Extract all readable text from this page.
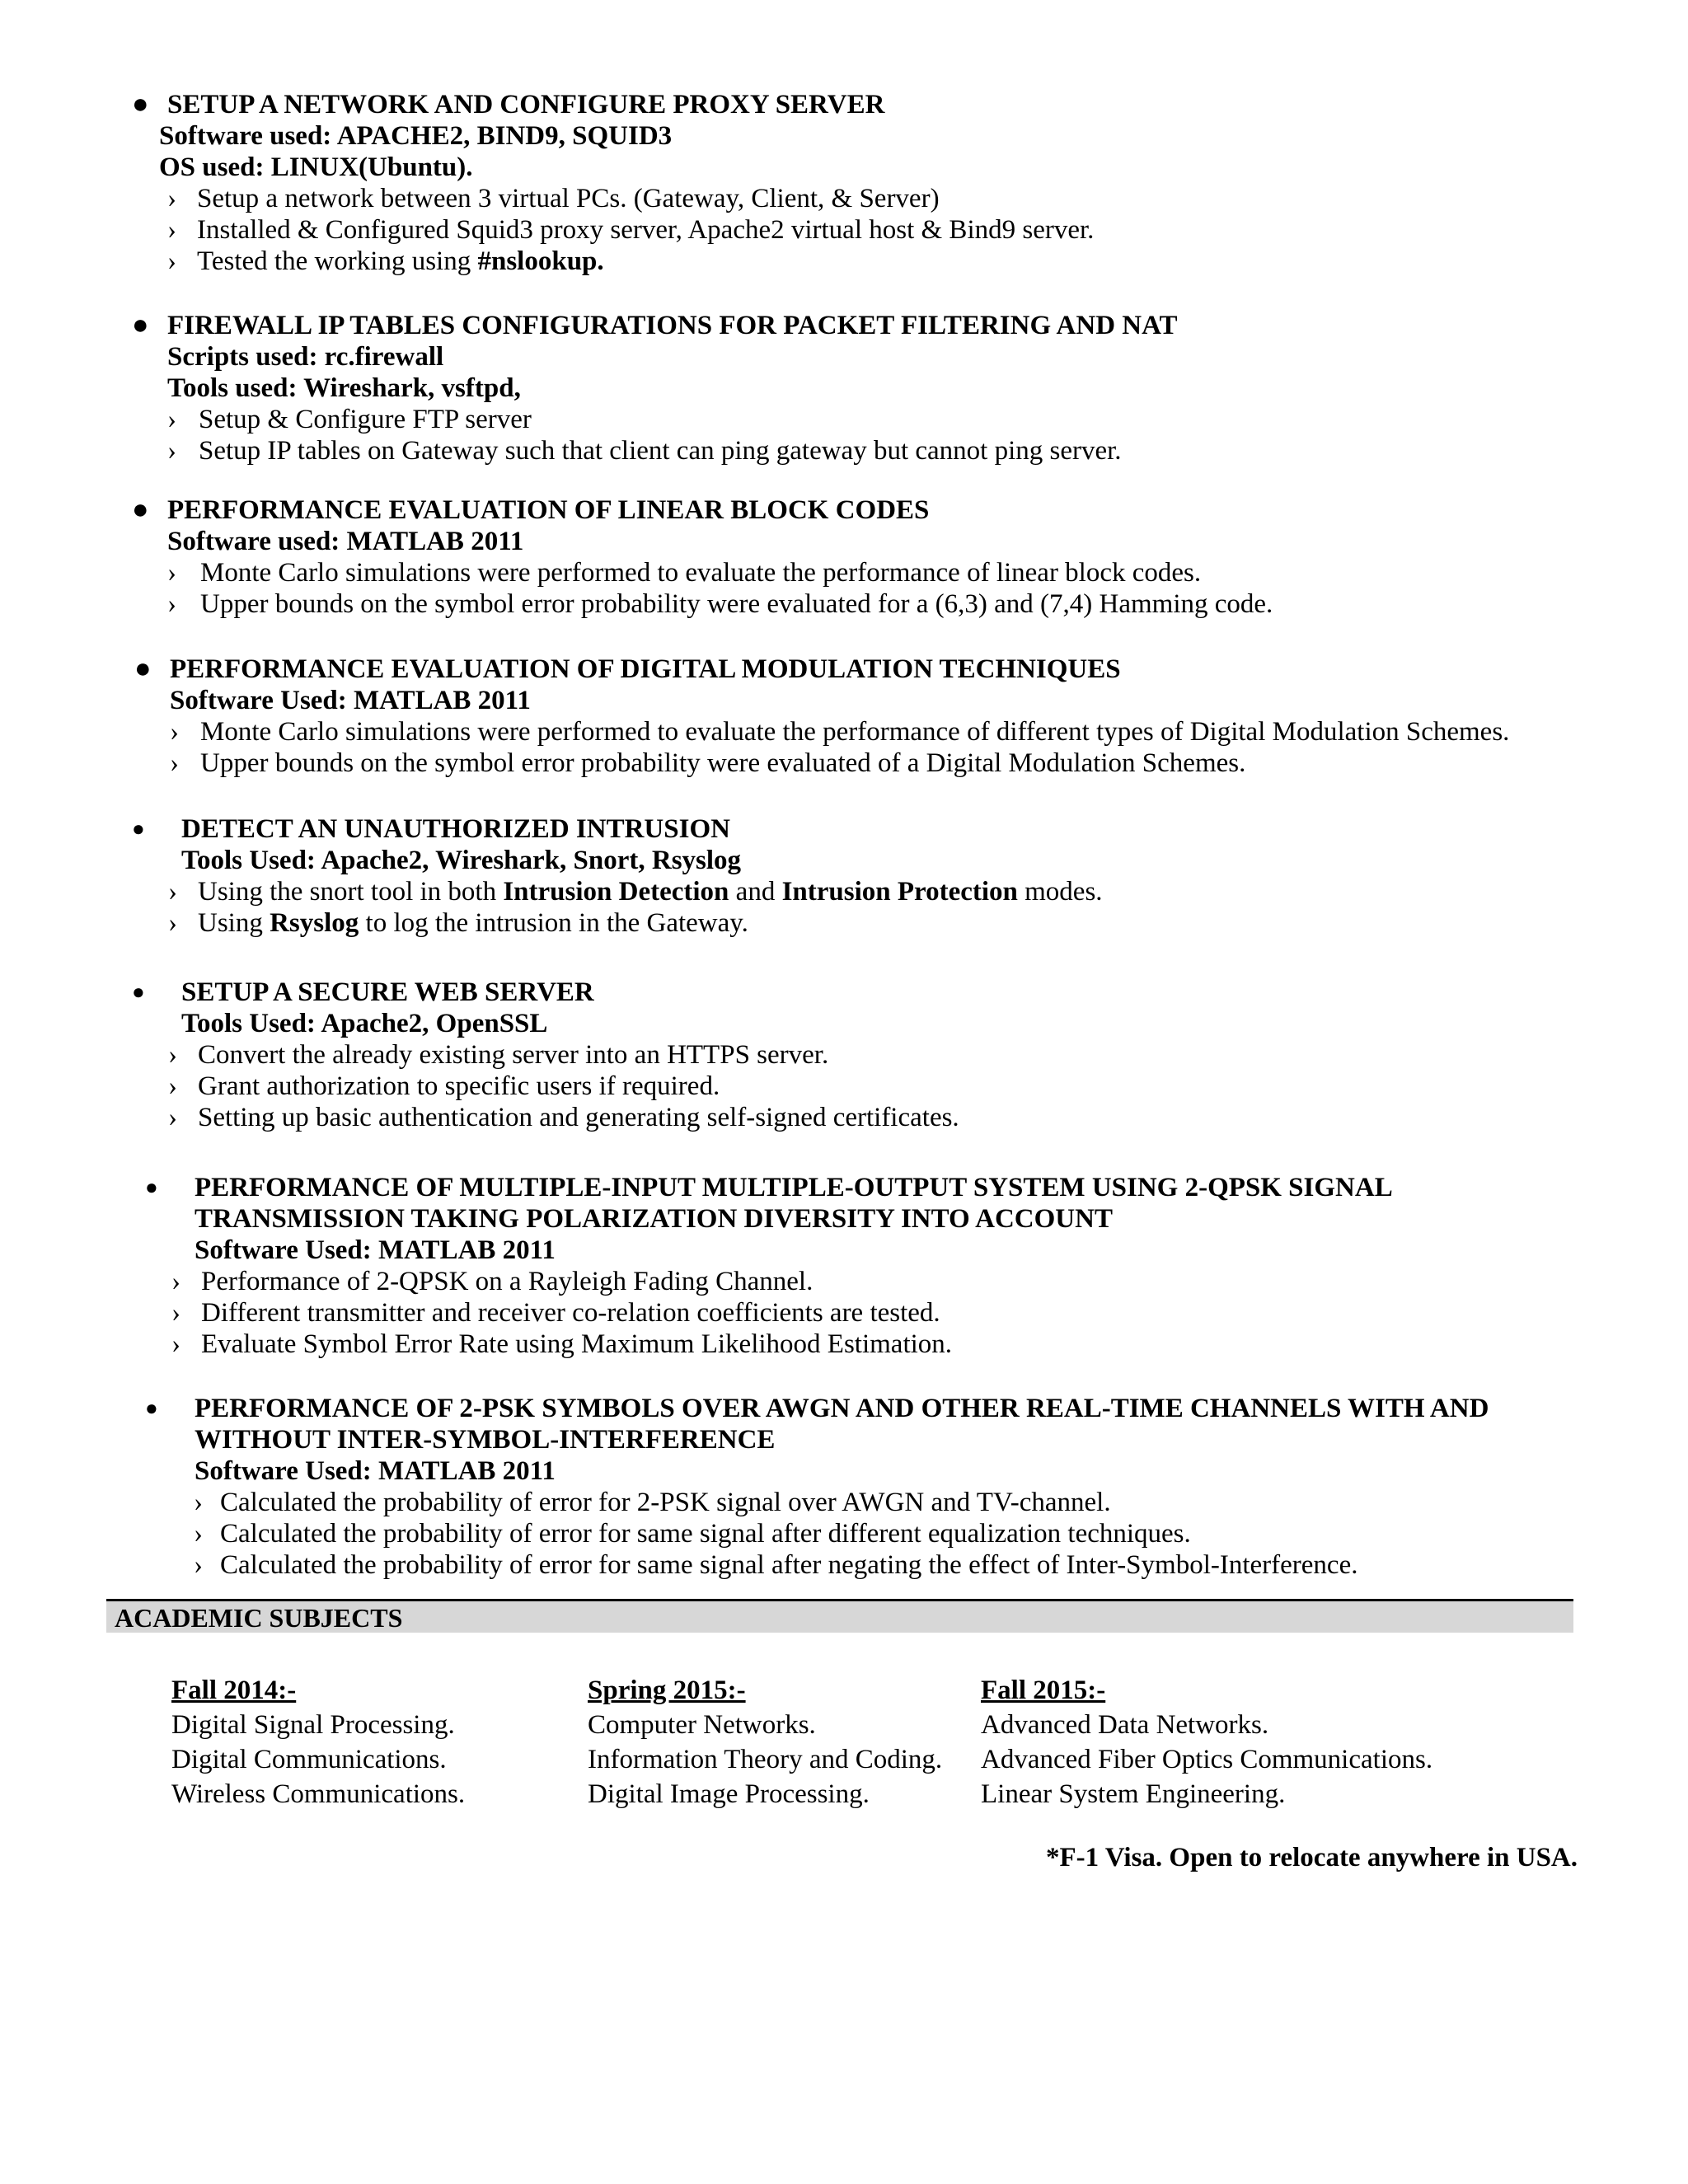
● SETUP A NETWORK AND CONFIGURE PROXY SERVER
Software used: APACHE2, BIND9, SQUID3
OS used: LINUX(Ubuntu).
› Setup a network between 3 virtual PCs. (Gateway, Client, & Server)
› Installed & Configured Squid3 proxy server, Apache2 virtual host & Bind9 server.
› Tested the working using #nslookup.
● FIREWALL IP TABLES CONFIGURATIONS FOR PACKET FILTERING AND NAT
Scripts used: rc.firewall
Tools used: Wireshark, vsftpd,
› Setup & Configure FTP server
› Setup IP tables on Gateway such that client can ping gateway but cannot ping server.
● PERFORMANCE EVALUATION OF LINEAR BLOCK CODES
Software used: MATLAB 2011
› Monte Carlo simulations were performed to evaluate the performance of linear block codes.
› Upper bounds on the symbol error probability were evaluated for a (6,3) and (7,4) Hamming code.
● PERFORMANCE EVALUATION OF DIGITAL MODULATION TECHNIQUES
Software Used: MATLAB 2011
› Monte Carlo simulations were performed to evaluate the performance of different types of Digital Modulation Schemes.
› Upper bounds on the symbol error probability were evaluated of a Digital Modulation Schemes.
● DETECT AN UNAUTHORIZED INTRUSION
Tools Used: Apache2, Wireshark, Snort, Rsyslog
› Using the snort tool in both Intrusion Detection and Intrusion Protection modes.
› Using Rsyslog to log the intrusion in the Gateway.
● SETUP A SECURE WEB SERVER
Tools Used: Apache2, OpenSSL
› Convert the already existing server into an HTTPS server.
› Grant authorization to specific users if required.
› Setting up basic authentication and generating self-signed certificates.
● PERFORMANCE OF MULTIPLE-INPUT MULTIPLE-OUTPUT SYSTEM USING 2-QPSK SIGNAL TRANSMISSION TAKING POLARIZATION DIVERSITY INTO ACCOUNT
Software Used: MATLAB 2011
› Performance of 2-QPSK on a Rayleigh Fading Channel.
› Different transmitter and receiver co-relation coefficients are tested.
› Evaluate Symbol Error Rate using Maximum Likelihood Estimation.
● PERFORMANCE OF 2-PSK SYMBOLS OVER AWGN AND OTHER REAL-TIME CHANNELS WITH AND WITHOUT INTER-SYMBOL-INTERFERENCE
Software Used: MATLAB 2011
› Calculated the probability of error for 2-PSK signal over AWGN and TV-channel.
› Calculated the probability of error for same signal after different equalization techniques.
› Calculated the probability of error for same signal after negating the effect of Inter-Symbol-Interference.
ACADEMIC SUBJECTS
Fall 2014:-
Digital Signal Processing.
Digital Communications.
Wireless Communications.
Spring 2015:-
Computer Networks.
Information Theory and Coding.
Digital Image Processing.
Fall 2015:-
Advanced Data Networks.
Advanced Fiber Optics Communications.
Linear System Engineering.
*F-1 Visa. Open to relocate anywhere in USA.
